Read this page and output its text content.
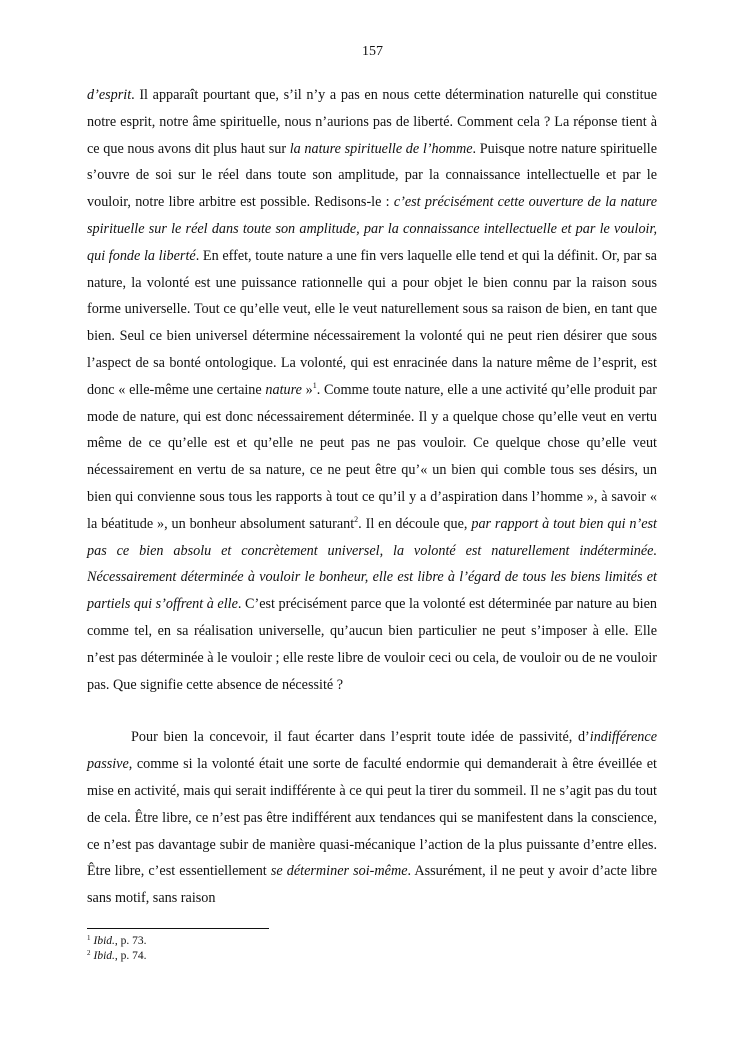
157

d’esprit. Il apparaît pourtant que, s’il n’y a pas en nous cette détermination naturelle qui constitue notre esprit, notre âme spirituelle, nous n’aurions pas de liberté. Comment cela ? La réponse tient à ce que nous avons dit plus haut sur la nature spirituelle de l’homme. Puisque notre nature spirituelle s’ouvre de soi sur le réel dans toute son amplitude, par la connaissance intellectuelle et par le vouloir, notre libre arbitre est possible. Redisons-le : c’est précisément cette ouverture de la nature spirituelle sur le réel dans toute son amplitude, par la connaissance intellectuelle et par le vouloir, qui fonde la liberté. En effet, toute nature a une fin vers laquelle elle tend et qui la définit. Or, par sa nature, la volonté est une puissance rationnelle qui a pour objet le bien connu par la raison sous forme universelle. Tout ce qu’elle veut, elle le veut naturellement sous sa raison de bien, en tant que bien. Seul ce bien universel détermine nécessairement la volonté qui ne peut rien désirer que sous l’aspect de sa bonté ontologique. La volonté, qui est enracinée dans la nature même de l’esprit, est donc « elle-même une certaine nature »$^1$. Comme toute nature, elle a une activité qu’elle produit par mode de nature, qui est donc nécessairement déterminée. Il y a quelque chose qu’elle veut en vertu même de ce qu’elle est et qu’elle ne peut pas ne pas vouloir. Ce quelque chose qu’elle veut nécessairement en vertu de sa nature, ce ne peut être qu’« un bien qui comble tous ses désirs, un bien qui convienne sous tous les rapports à tout ce qu’il y a d’aspiration dans l’homme », à savoir « la béatitude », un bonheur absolument saturant$^2$. Il en découle que, par rapport à tout bien qui n’est pas ce bien absolu et concrètement universel, la volonté est naturellement indéterminée. Nécessairement déterminée à vouloir le bonheur, elle est libre à l’égard de tous les biens limités et partiels qui s’offrent à elle. C’est précisément parce que la volonté est déterminée par nature au bien comme tel, en sa réalisation universelle, qu’aucun bien particulier ne peut s’imposer à elle. Elle n’est pas déterminée à le vouloir ; elle reste libre de vouloir ceci ou cela, de vouloir ou de ne vouloir pas. Que signifie cette absence de nécessité ?

Pour bien la concevoir, il faut écarter dans l’esprit toute idée de passivité, d’indifférence passive, comme si la volonté était une sorte de faculté endormie qui demanderait à être éveillée et mise en activité, mais qui serait indifférente à ce qui peut la tirer du sommeil. Il ne s’agit pas du tout de cela. Être libre, ce n’est pas être indifférent aux tendances qui se manifestent dans la conscience, ce n’est pas davantage subir de manière quasi-mécanique l’action de la plus puissante d’entre elles. Être libre, c’est essentiellement se déterminer soi-même. Assurément, il ne peut y avoir d’acte libre sans motif, sans raison

$^1$ Ibid., p. 73.
$^2$ Ibid., p. 74.
